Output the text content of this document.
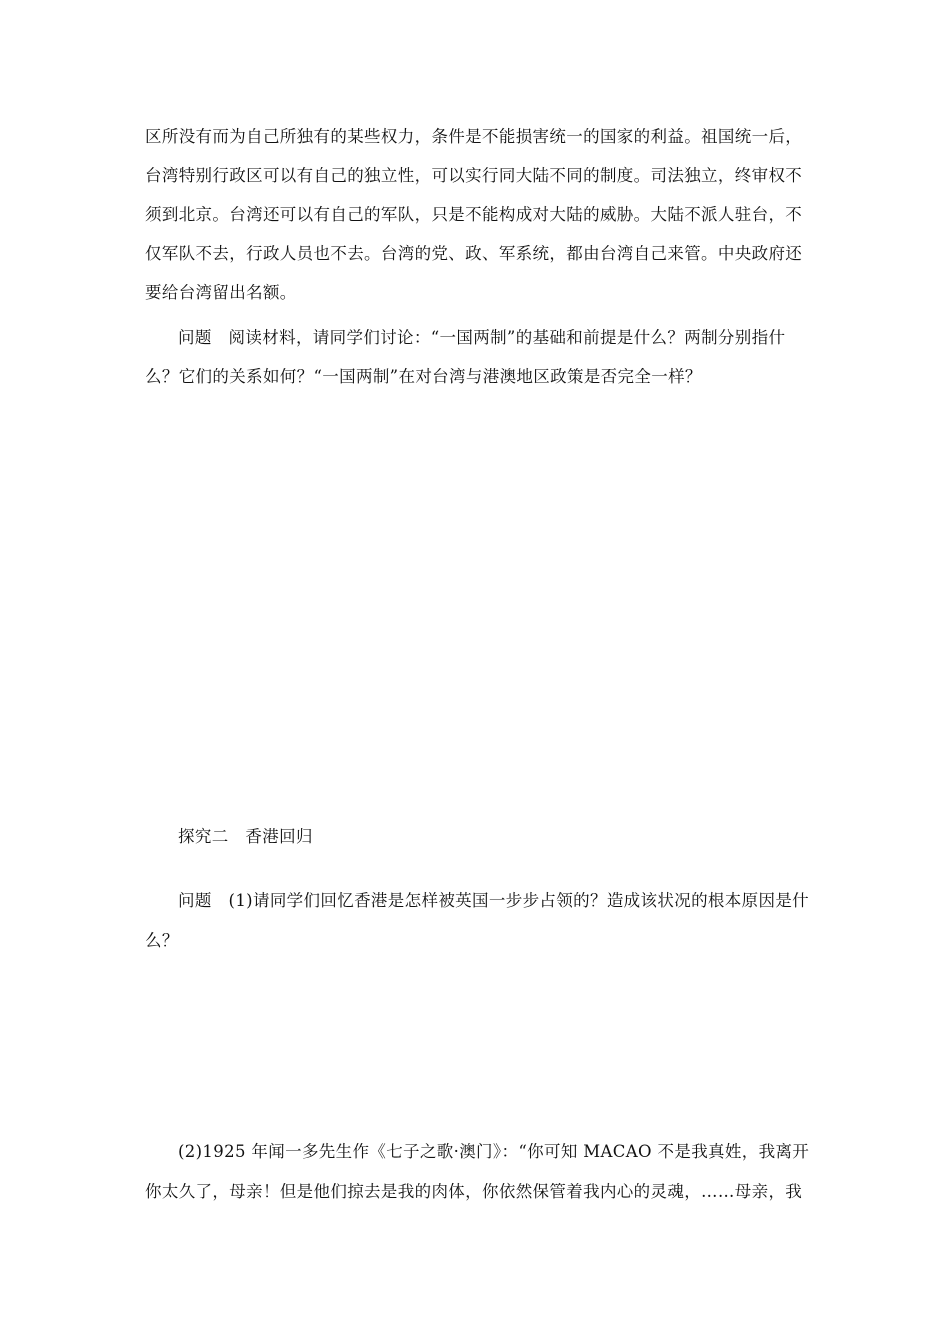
区所没有而为自己所独有的某些权力，条件是不能损害统一的国家的利益。祖国统一后，
台湾特别行政区可以有自己的独立性，可以实行同大陆不同的制度。司法独立，终审权不
须到北京。台湾还可以有自己的军队，只是不能构成对大陆的威胁。大陆不派人驻台，不
仅军队不去，行政人员也不去。台湾的党、政、军系统，都由台湾自己来管。中央政府还
要给台湾留出名额。
问题　阅读材料，请同学们讨论：“一国两制”的基础和前提是什么？两制分别指什
么？它们的关系如何？“一国两制”在对台湾与港澳地区政策是否完全一样？
探究二　香港回归
问题　(1)请同学们回忆香港是怎样被英国一步步占领的？造成该状况的根本原因是什
么？
(2)1925 年闻一多先生作《七子之歌·澳门》：“你可知 MACAO 不是我真姓，我离开
你太久了，母亲！但是他们掠去是我的肉体，你依然保管着我内心的灵魂，……母亲，我
